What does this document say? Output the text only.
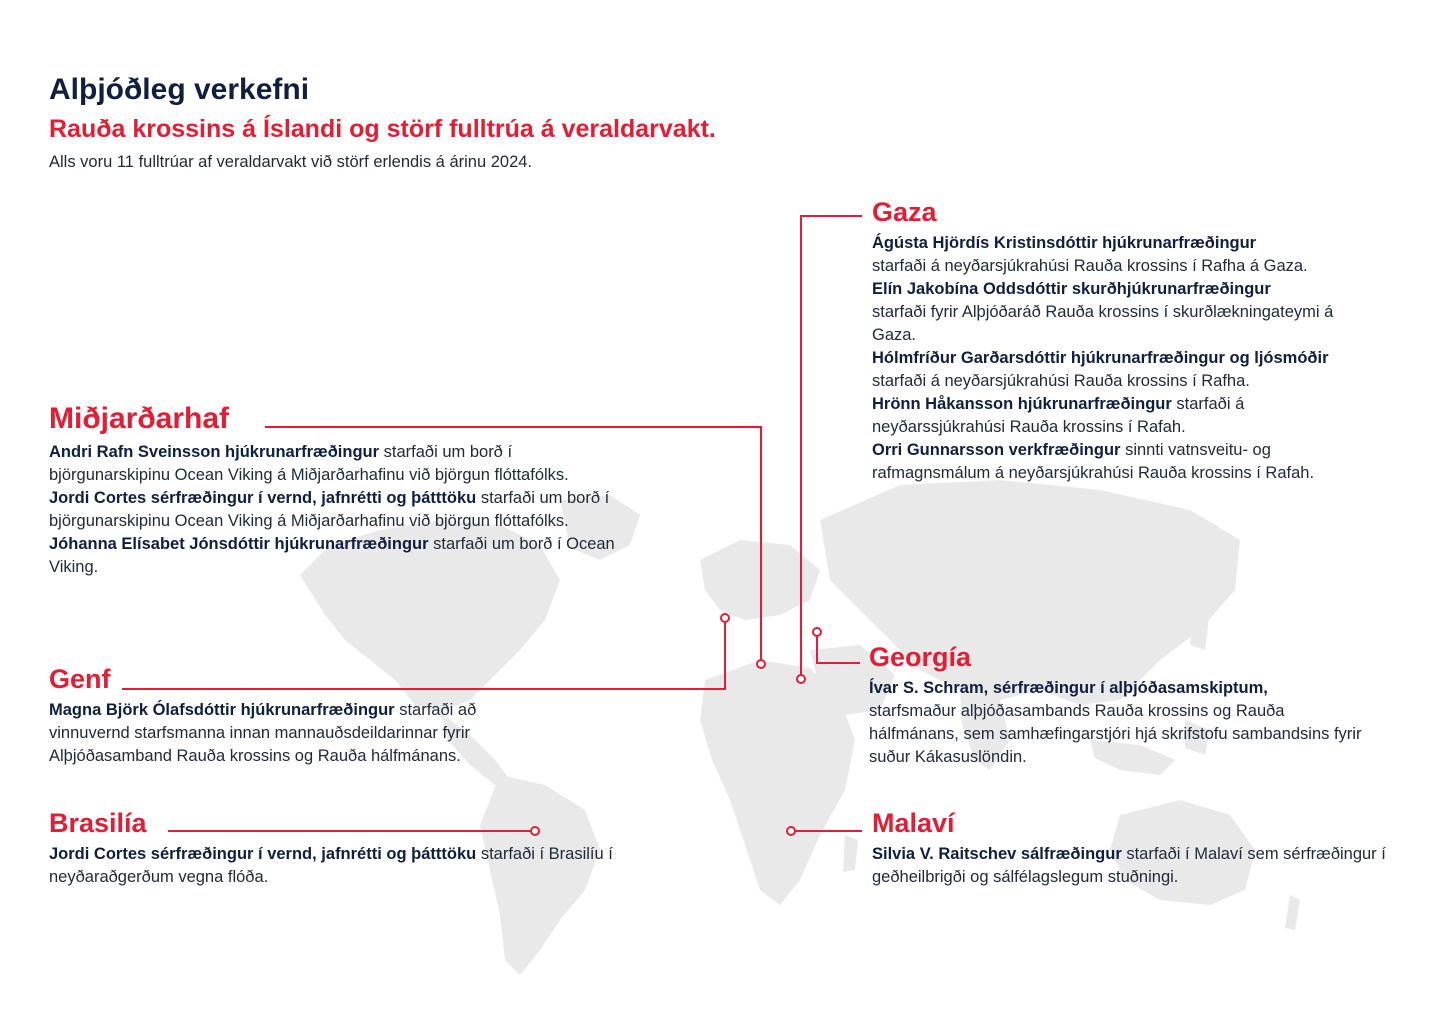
Alþjóðleg verkefni

Rauða krossins á Íslandi og störf fulltrúa á veraldarvakt.

Alls voru 11 fulltrúar af veraldarvakt við störf erlendis á árinu 2024.

Gaza

Ágústa Hjördís Kristinsdóttir hjúkrunarfræðingur
starfaði á neyðarsjúkrahúsi Rauða krossins í Rafha á Gaza.

Elín Jakobína Oddsdóttir skurðhjúkrunarfræðingur
starfaði fyrir Alþjóðaráð Rauða krossins í skurðlækningateymi á Gaza.

Hólmfríður Garðarsdóttir hjúkrunarfræðingur og ljósmóðir starfaði á neyðarsjúkrahúsi Rauða krossins í Rafha.

Hrönn Håkansson hjúkrunarfræðingur starfaði á neyðarssjúkrahúsi Rauða krossins í Rafah.

Orri Gunnarsson verkfræðingur sinnti vatnsveitu- og rafmagnsmálum á neyðarsjúkrahúsi Rauða krossins í Rafah.

Miðjarðarhaf

Andri Rafn Sveinsson hjúkrunarfræðingur starfaði um borð í björgunarskipinu Ocean Viking á Miðjarðarhafinu við björgun flóttafólks.

Jordi Cortes sérfræðingur í vernd, jafnrétti og þátttöku starfaði um borð í björgunarskipinu Ocean Viking á Miðjarðarhafinu við björgun flóttafólks.

Jóhanna Elísabet Jónsdóttir hjúkrunarfræðingur starfaði um borð í Ocean Viking.

Genf

Magna Björk Ólafsdóttir hjúkrunarfræðingur starfaði að vinnuvernd starfsmanna innan mannauðsdeildarinnar fyrir Alþjóðasamband Rauða krossins og Rauða hálfmánans.

Georgía

Ívar S. Schram, sérfræðingur í alþjóðasamskiptum,
starfsmaður alþjóðasambands Rauða krossins og Rauða hálfmánans, sem samhæfingarstjóri hjá skrifstofu sambandsins fyrir suður Kákasuslöndin.

Brasilía

Jordi Cortes sérfræðingur í vernd, jafnrétti og þátttöku starfaði í Brasilíu í neyðaraðgerðum vegna flóða.

Malaví

Silvia V. Raitschev sálfræðingur starfaði í Malaví sem sérfræðingur í geðheilbrigði og sálfélagslegum stuðningi.
